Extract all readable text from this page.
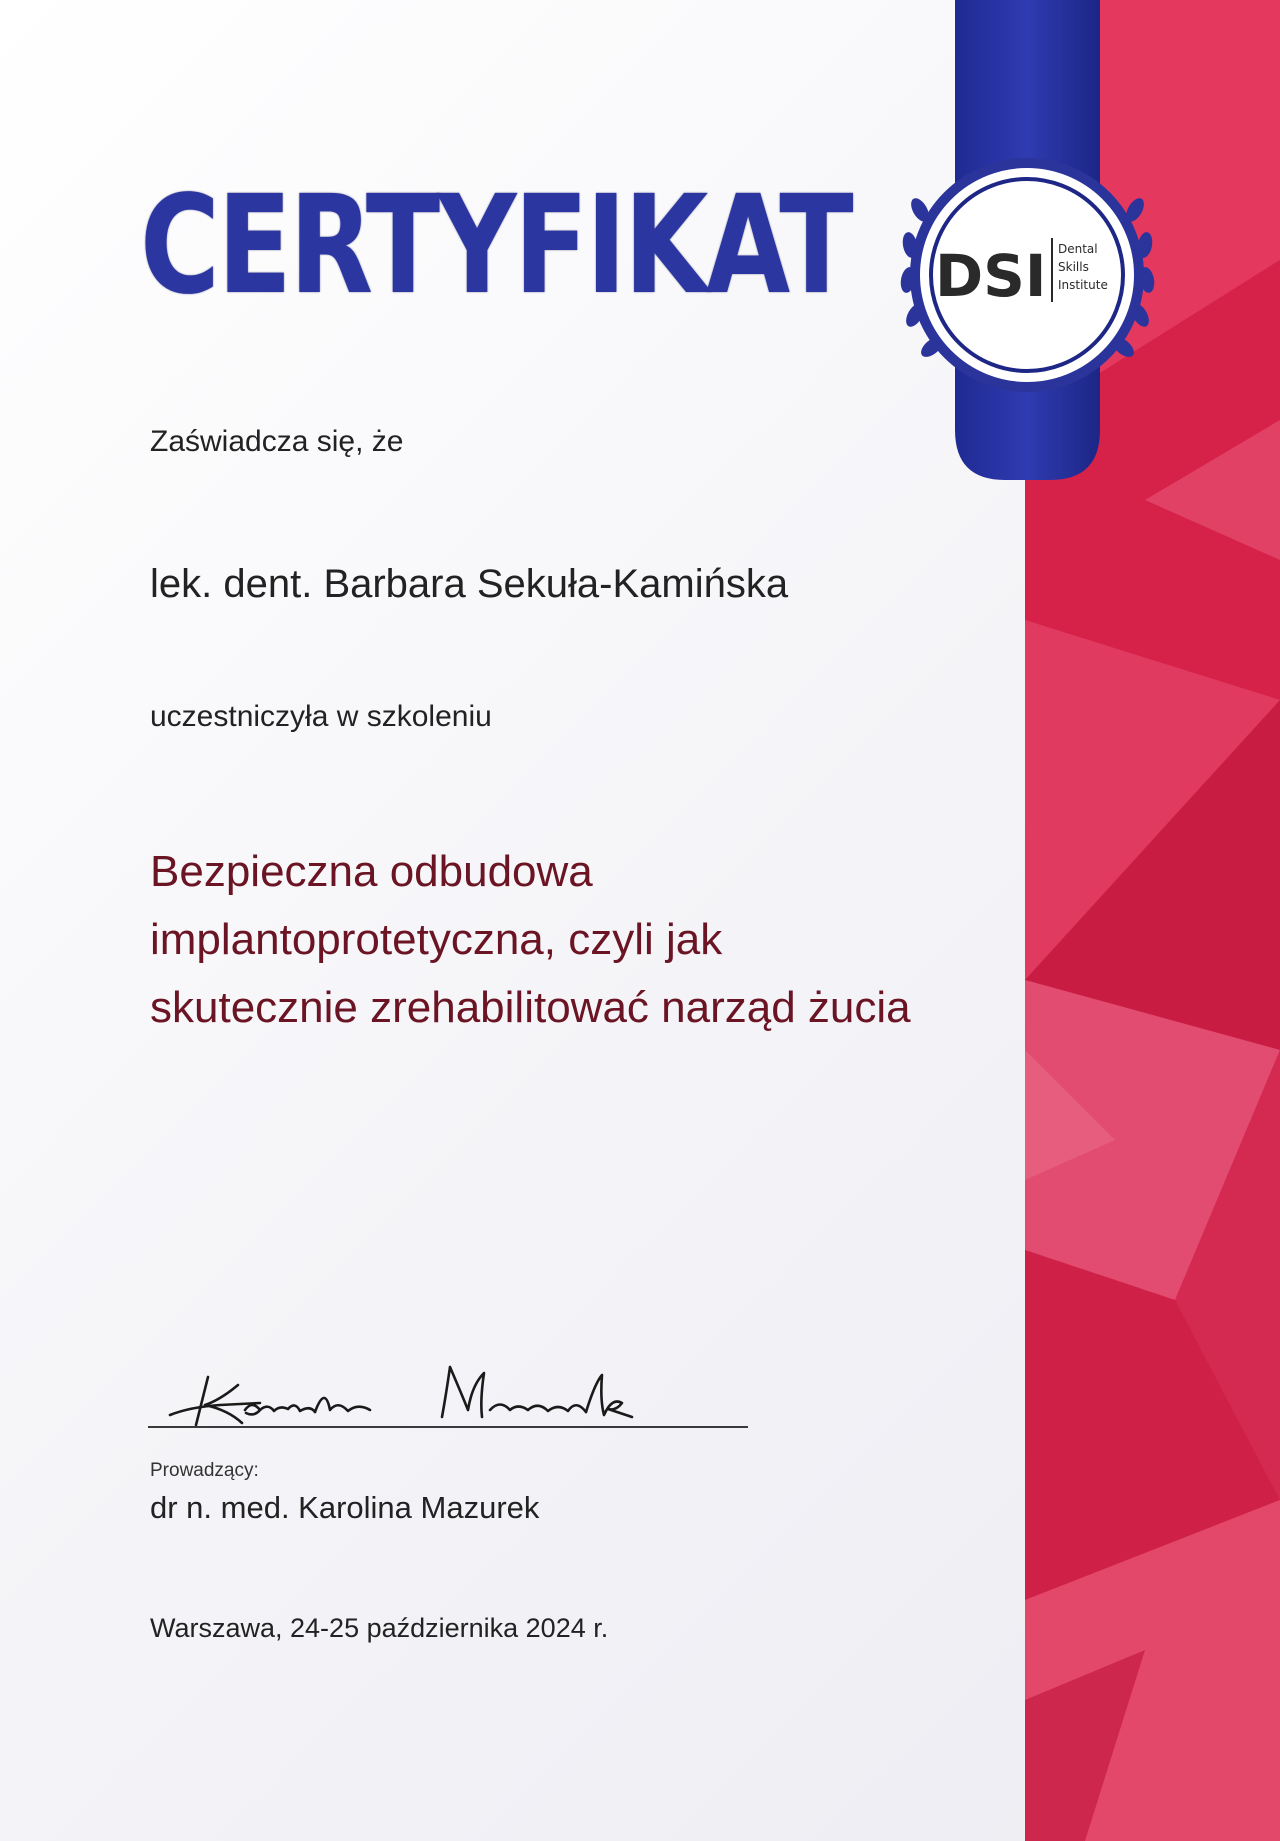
DSI Dental
Skills
Institute
CERTYFIKAT

Zaświadcza się, że

lek. dent. Barbara Sekuła-Kamińska

uczestniczyła w szkoleniu

Bezpieczna odbudowa
implantoprotetyczna, czyli jak
skutecznie zrehabilitować narząd żucia

Prowadzący:

dr n. med. Karolina Mazurek

Warszawa, 24-25 października 2024 r.
